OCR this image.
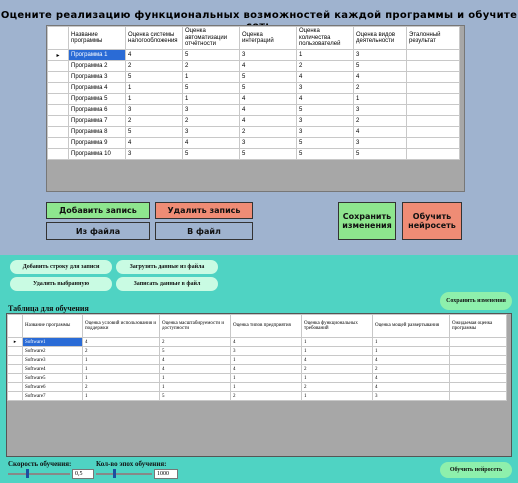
Оцените реализацию функциональных возможностей каждой программы и обучите
	Название программы	Оценка системы налогообложения	Оценка автоматизации отчётности	Оценка интеграций	Оценка количества пользователей	Оценка видов деятельности	Эталонный результат
▸	Программа 1	4	5	3	1	3	
	Программа 2	2	2	4	2	5	
	Программа 3	5	1	5	4	4	
	Программа 4	1	5	5	3	2	
	Программа 5	1	1	4	4	1	
	Программа 6	3	3	4	5	3	
	Программа 7	2	2	4	3	2	
	Программа 8	5	3	2	3	4	
	Программа 9	4	4	3	5	3	
	Программа 10	3	5	5	5	5	
Добавить запись	Удалить запись
Из файла	В файл
Сохранить изменения
Обучить нейросеть
Добавить строку для записи	Загрузить данные из файла
Удалить выбранную	Записать данные в файл
Сохранить изменения
Таблица для обучения
	Название программы	Оценка условий использования и поддержки	Оценка масштабируемости и доступности	Оценка типов предприятия	Оценка функциональных требований	Оценка мощей развертывания	Ожидаемая оценка программы
▸	Software1	4	2	4	1	1	
	Software2	2	5	3	1	1	
	Software3	1	4	1	4	4	
	Software4	1	4	4	2	2	
	Software5	1	1	1	1	4	
	Software6	2	1	1	2	4	
	Software7	1	5	2	1	3	
Скорость обучения:
0,5
Кол-во эпох обучения:
1000
Обучить нейросеть
